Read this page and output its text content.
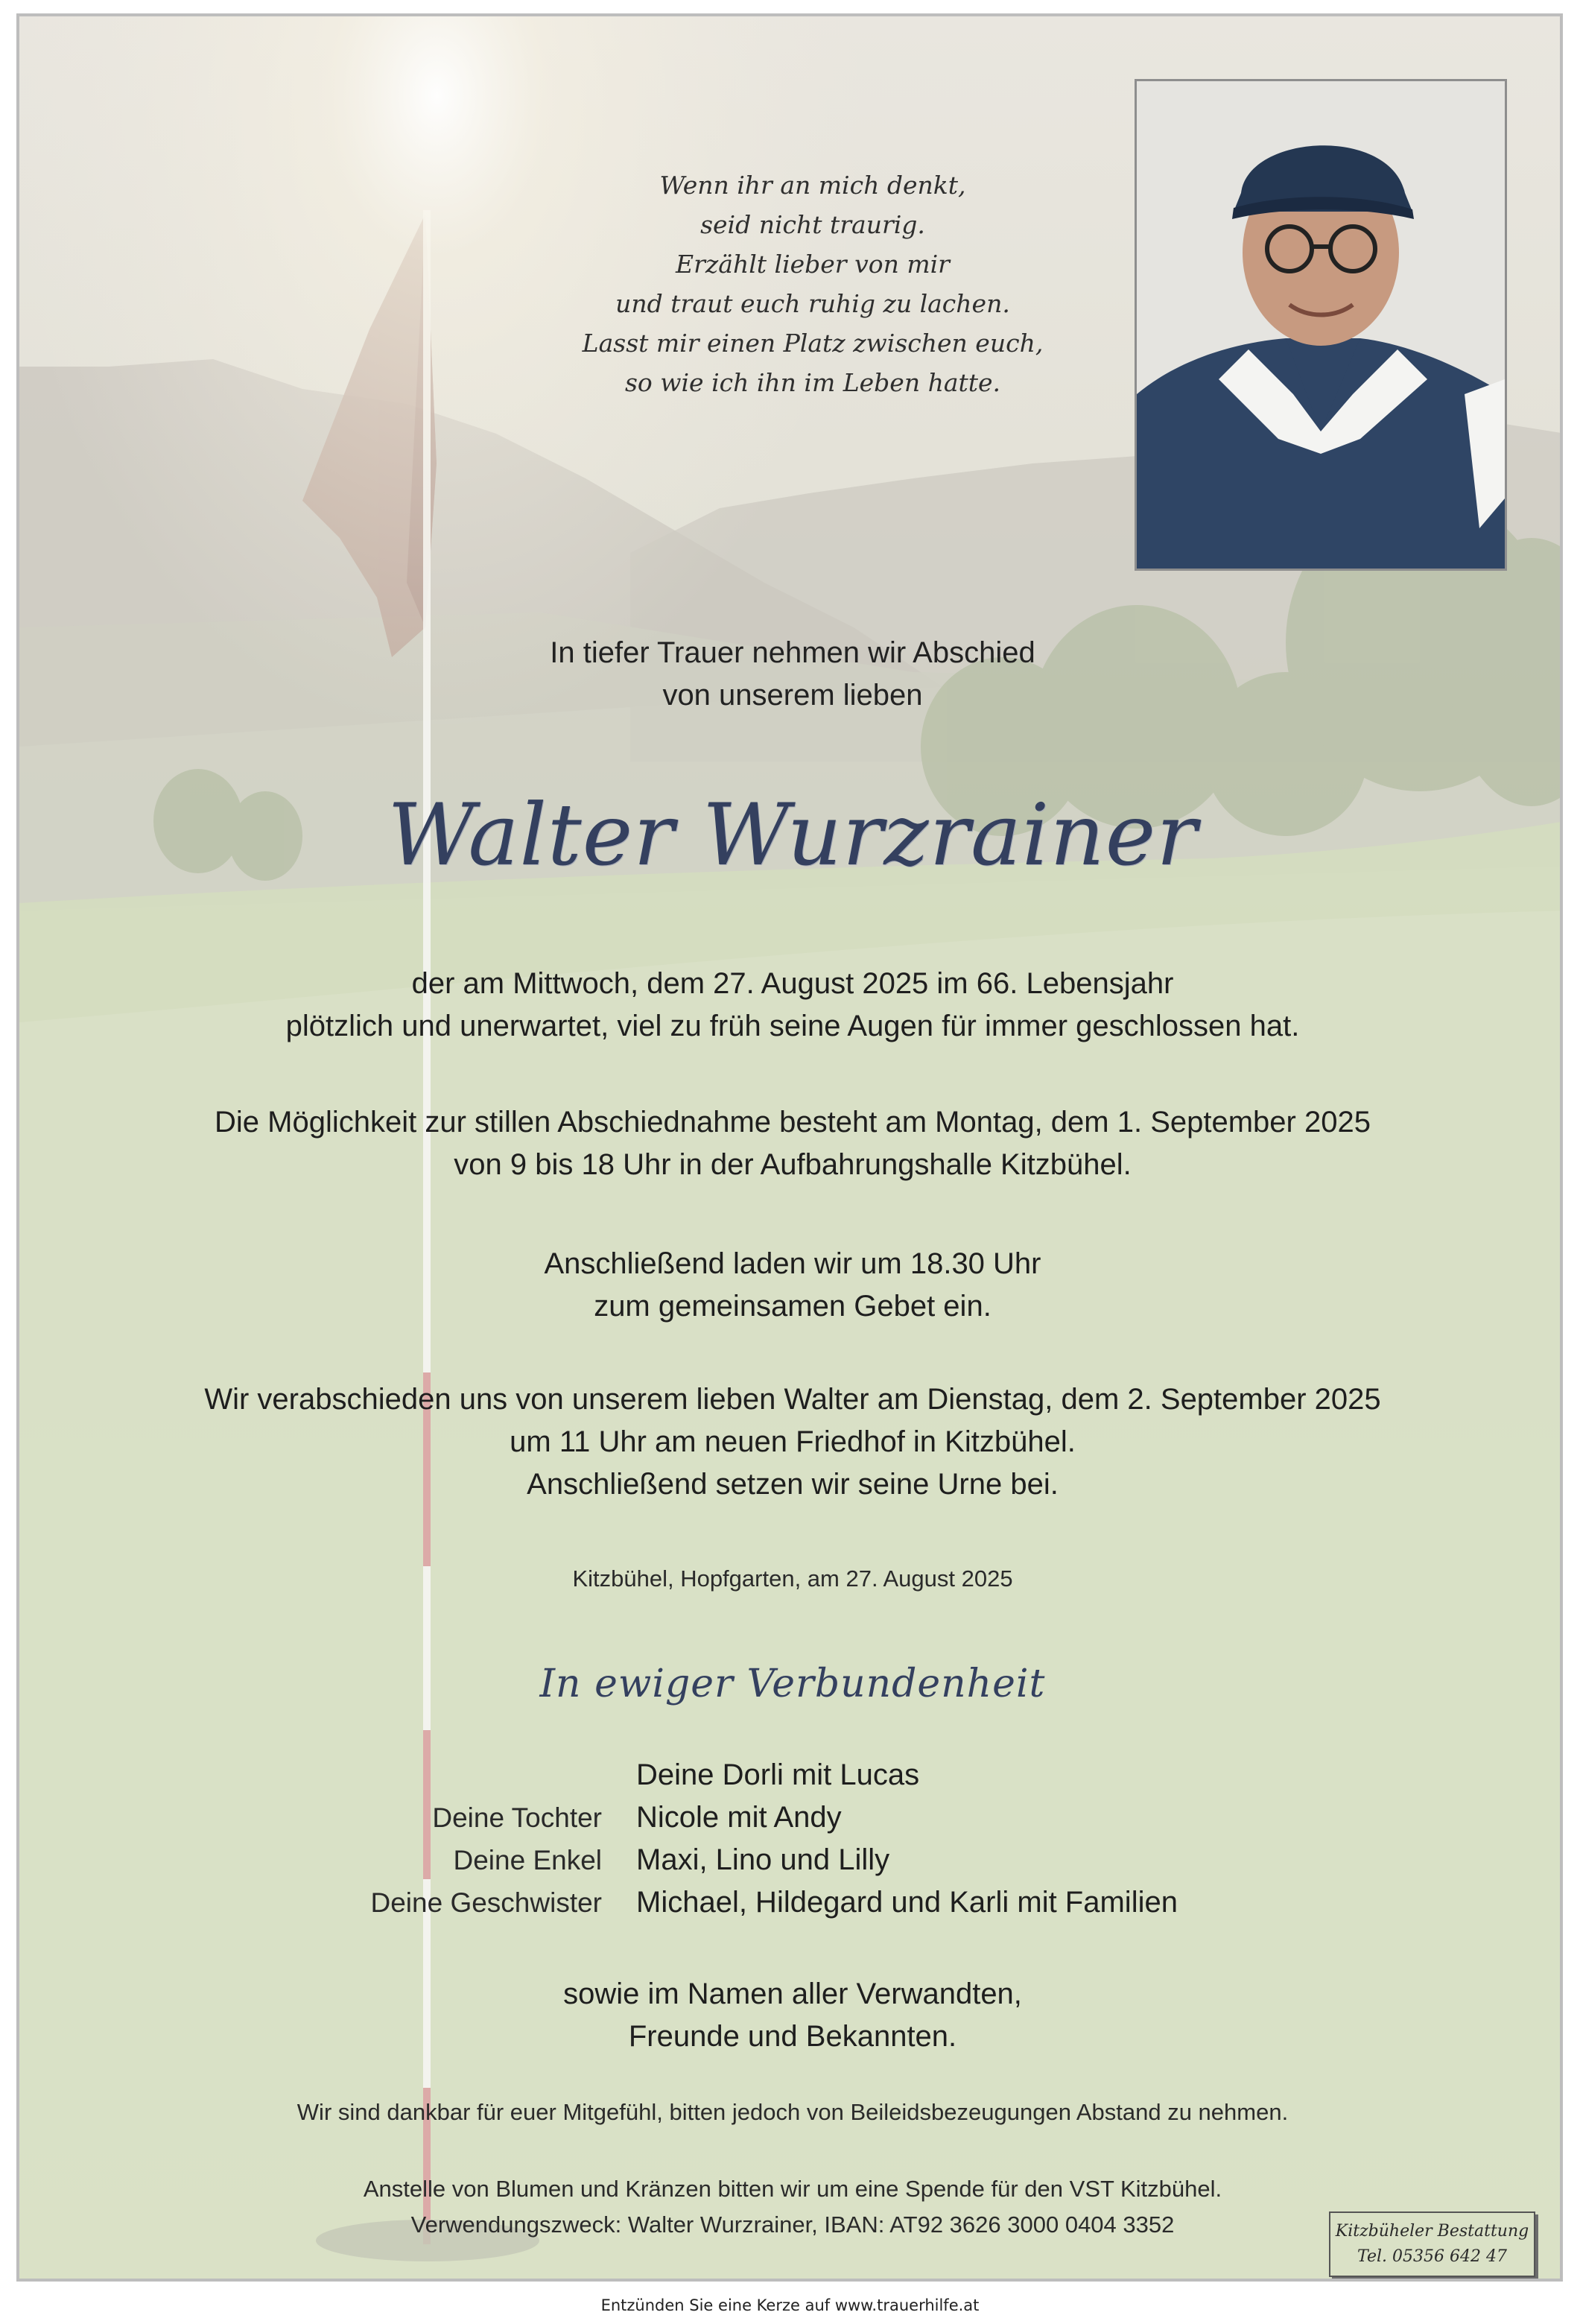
Wenn ihr an mich denkt,
seid nicht traurig.
Erzählt lieber von mir
und traut euch ruhig zu lachen.
Lasst mir einen Platz zwischen euch,
so wie ich ihn im Leben hatte.
In tiefer Trauer nehmen wir Abschied
von unserem lieben
Walter Wurzrainer
der am Mittwoch, dem 27. August 2025 im 66. Lebensjahr
plötzlich und unerwartet, viel zu früh seine Augen für immer geschlossen hat.
Die Möglichkeit zur stillen Abschiednahme besteht am Montag, dem 1. September 2025
von 9 bis 18 Uhr in der Aufbahrungshalle Kitzbühel.
Anschließend laden wir um 18.30 Uhr
zum gemeinsamen Gebet ein.
Wir verabschieden uns von unserem lieben Walter am Dienstag, dem 2. September 2025
um 11 Uhr am neuen Friedhof in Kitzbühel.
Anschließend setzen wir seine Urne bei.
Kitzbühel, Hopfgarten, am 27. August 2025
In ewiger Verbundenheit
Deine Dorli mit Lucas
Deine Tochter Nicole mit Andy
Deine Enkel Maxi, Lino und Lilly
Deine Geschwister Michael, Hildegard und Karli mit Familien
sowie im Namen aller Verwandten,
Freunde und Bekannten.
Wir sind dankbar für euer Mitgefühl, bitten jedoch von Beileidsbezeugungen Abstand zu nehmen.
Anstelle von Blumen und Kränzen bitten wir um eine Spende für den VST Kitzbühel.
Verwendungszweck: Walter Wurzrainer, IBAN: AT92 3626 3000 0404 3352	Kitzbüheler Bestattung
Tel. 05356 642 47
Entzünden Sie eine Kerze auf www.trauerhilfe.at
